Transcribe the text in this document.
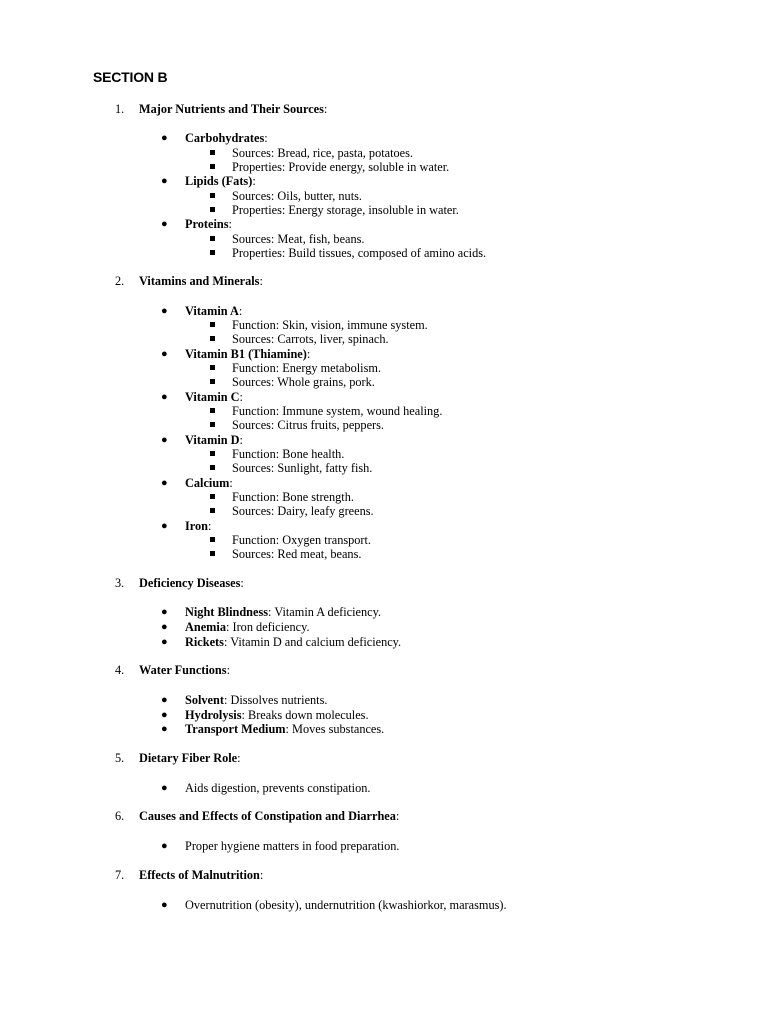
SECTION B
1. Major Nutrients and Their Sources:
● Carbohydrates:
Sources: Bread, rice, pasta, potatoes.
Properties: Provide energy, soluble in water.
● Lipids (Fats):
Sources: Oils, butter, nuts.
Properties: Energy storage, insoluble in water.
● Proteins:
Sources: Meat, fish, beans.
Properties: Build tissues, composed of amino acids.
2. Vitamins and Minerals:
● Vitamin A:
Function: Skin, vision, immune system.
Sources: Carrots, liver, spinach.
● Vitamin B1 (Thiamine):
Function: Energy metabolism.
Sources: Whole grains, pork.
● Vitamin C:
Function: Immune system, wound healing.
Sources: Citrus fruits, peppers.
● Vitamin D:
Function: Bone health.
Sources: Sunlight, fatty fish.
● Calcium:
Function: Bone strength.
Sources: Dairy, leafy greens.
● Iron:
Function: Oxygen transport.
Sources: Red meat, beans.
3. Deficiency Diseases:
● Night Blindness: Vitamin A deficiency.
● Anemia: Iron deficiency.
● Rickets: Vitamin D and calcium deficiency.
4. Water Functions:
● Solvent: Dissolves nutrients.
● Hydrolysis: Breaks down molecules.
● Transport Medium: Moves substances.
5. Dietary Fiber Role:
● Aids digestion, prevents constipation.
6. Causes and Effects of Constipation and Diarrhea:
● Proper hygiene matters in food preparation.
7. Effects of Malnutrition:
● Overnutrition (obesity), undernutrition (kwashiorkor, marasmus).
